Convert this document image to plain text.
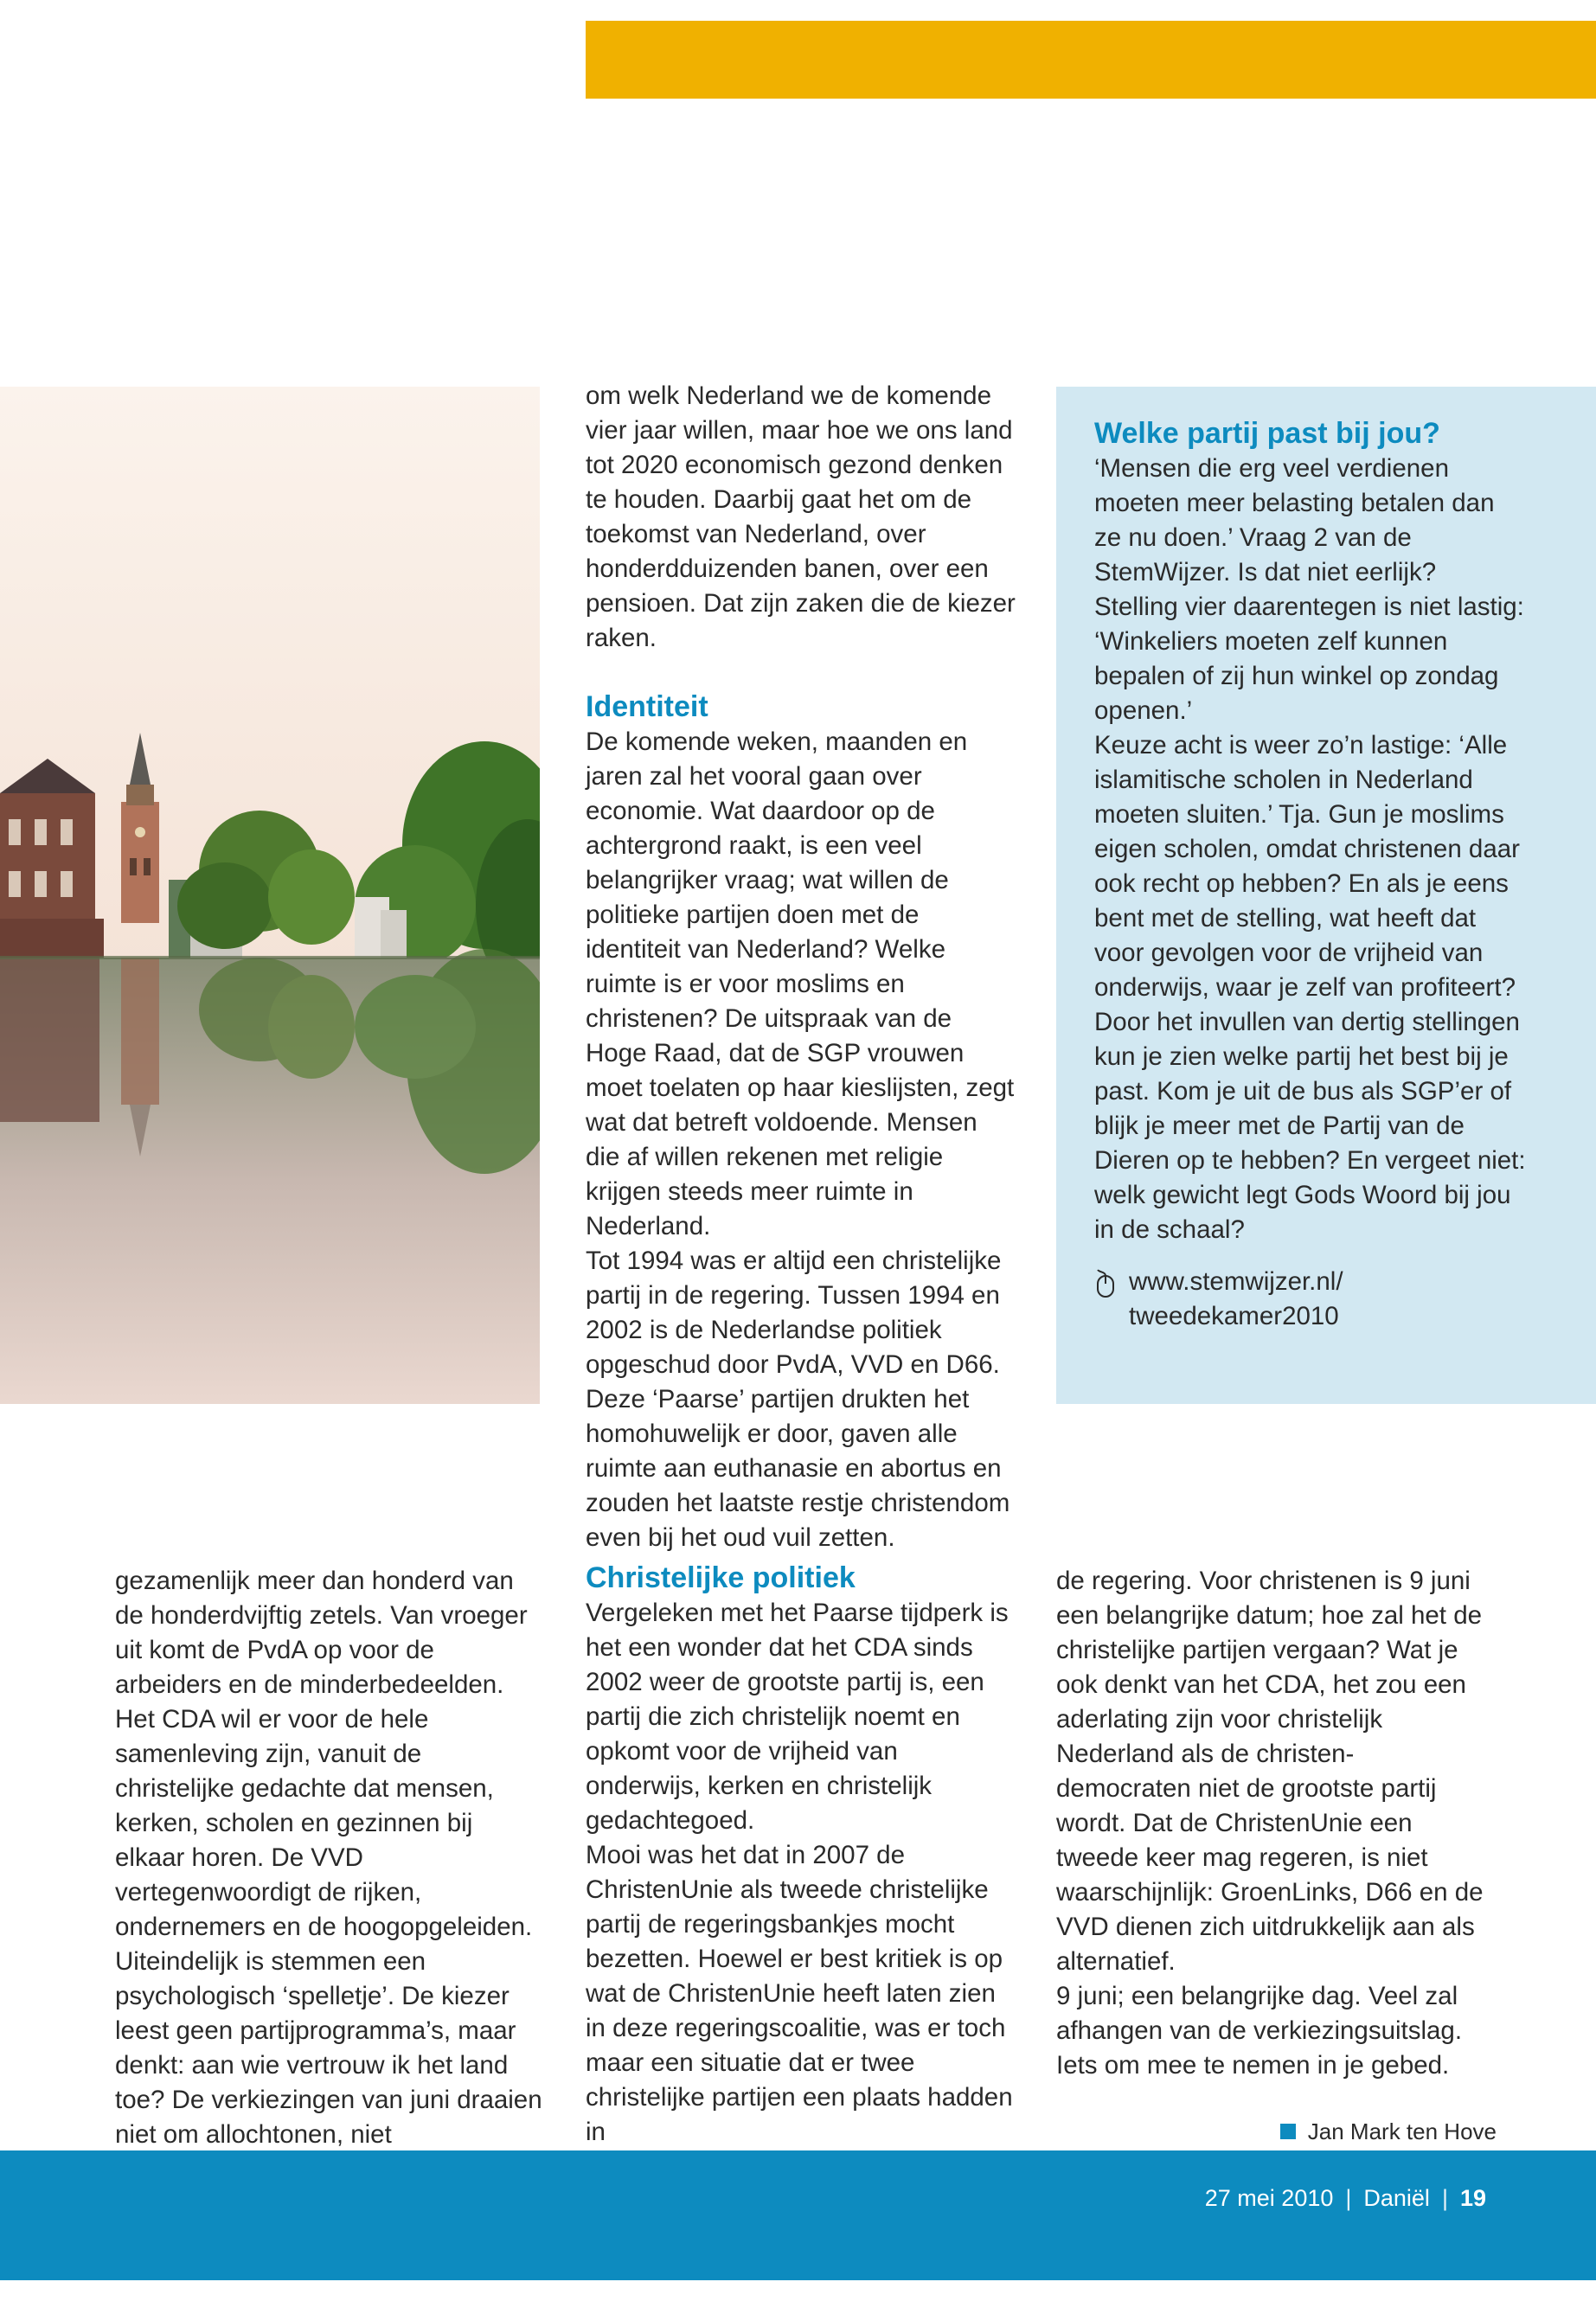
om welk Nederland we de komende vier jaar willen, maar hoe we ons land tot 2020 economisch gezond denken te houden. Daarbij gaat het om de toekomst van Nederland, over honderdduizenden banen, over een pensioen. Dat zijn zaken die de kiezer raken.

Identiteit

De komende weken, maanden en jaren zal het vooral gaan over economie. Wat daardoor op de achtergrond raakt, is een veel belangrijker vraag; wat willen de politieke partijen doen met de identiteit van Nederland? Welke ruimte is er voor moslims en christenen? De uitspraak van de Hoge Raad, dat de SGP vrouwen moet toelaten op haar kieslijsten, zegt wat dat betreft voldoende. Mensen die af willen rekenen met religie krijgen steeds meer ruimte in Nederland.

Tot 1994 was er altijd een christelijke partij in de regering. Tussen 1994 en 2002 is de Nederlandse politiek opgeschud door PvdA, VVD en D66. Deze ‘Paarse’ partijen drukten het homohuwelijk er door, gaven alle ruimte aan euthanasie en abortus en zouden het laatste restje christendom even bij het oud vuil zetten.

Welke partij past bij jou?

‘Mensen die erg veel verdienen moeten meer belasting betalen dan ze nu doen.’ Vraag 2 van de StemWijzer. Is dat niet eerlijk? Stelling vier daarentegen is niet lastig: ‘Winkeliers moeten zelf kunnen bepalen of zij hun winkel op zondag openen.’

Keuze acht is weer zo’n lastige: ‘Alle islamitische scholen in Nederland moeten sluiten.’ Tja. Gun je moslims eigen scholen, omdat christenen daar ook recht op hebben? En als je eens bent met de stelling, wat heeft dat voor gevolgen voor de vrijheid van onderwijs, waar je zelf van profiteert?

Door het invullen van dertig stellingen kun je zien welke partij het best bij je past. Kom je uit de bus als SGP’er of blijk je meer met de Partij van de Dieren op te hebben? En vergeet niet: welk gewicht legt Gods Woord bij jou in de schaal?

www.stemwijzer.nl/
tweedekamer2010

gezamenlijk meer dan honderd van de honderdvijftig zetels. Van vroeger uit komt de PvdA op voor de arbeiders en de minderbedeelden. Het CDA wil er voor de hele samenleving zijn, vanuit de christelijke gedachte dat mensen, kerken, scholen en gezinnen bij elkaar horen. De VVD vertegenwoordigt de rijken, ondernemers en de hoogopgeleiden. Uiteindelijk is stemmen een psychologisch ‘spelletje’. De kiezer leest geen partijprogramma’s, maar denkt: aan wie vertrouw ik het land toe? De verkiezingen van juni draaien niet om allochtonen, niet

Christelijke politiek

Vergeleken met het Paarse tijdperk is het een wonder dat het CDA sinds 2002 weer de grootste partij is, een partij die zich christelijk noemt en opkomt voor de vrijheid van onderwijs, kerken en christelijk gedachtegoed.

Mooi was het dat in 2007 de ChristenUnie als tweede christelijke partij de regeringsbankjes mocht bezetten. Hoewel er best kritiek is op wat de ChristenUnie heeft laten zien in deze regeringscoalitie, was er toch maar een situatie dat er twee christelijke partijen een plaats hadden in

de regering. Voor christenen is 9 juni een belangrijke datum; hoe zal het de christelijke partijen vergaan? Wat je ook denkt van het CDA, het zou een aderlating zijn voor christelijk Nederland als de christen-democraten niet de grootste partij wordt. Dat de ChristenUnie een tweede keer mag regeren, is niet waarschijnlijk: GroenLinks, D66 en de VVD dienen zich uitdrukkelijk aan als alternatief.

9 juni; een belangrijke dag. Veel zal afhangen van de verkiezingsuitslag. Iets om mee te nemen in je gebed.

Jan Mark ten Hove
27 mei 2010 | Daniël | 19
